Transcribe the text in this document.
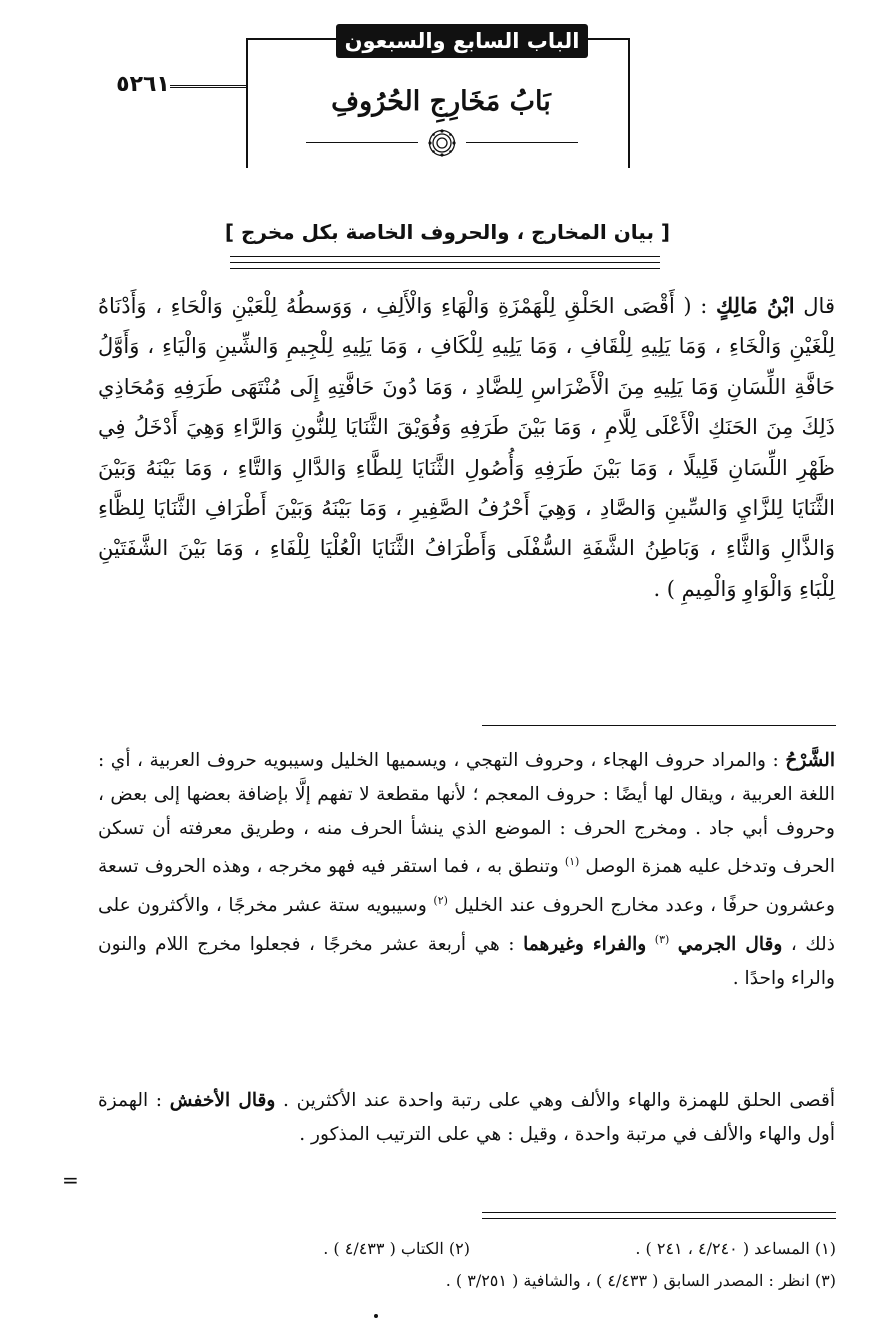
الباب السابع والسبعون
٥٢٦١
بَابُ مَخَارِجِ الحُرُوفِ
[ بيان المخارج ، والحروف الخاصة بكل مخرج ]
قال ابْنُ مَالِكٍ : ( أَقْصَى الحَلْقِ لِلْهَمْزَةِ وَالْهَاءِ وَالْأَلِفِ ، وَوَسطُهُ لِلْعَيْنِ وَالْحَاءِ ، وَأَدْنَاهُ لِلْغَيْنِ وَالْخَاءِ ، وَمَا يَلِيهِ لِلْقَافِ ، وَمَا يَلِيهِ لِلْكَافِ ، وَمَا يَلِيهِ لِلْجِيمِ وَالشِّينِ وَالْيَاءِ ، وَأَوَّلُ حَافَّةِ اللِّسَانِ وَمَا يَلِيهِ مِنَ الْأَضْرَاسِ لِلضَّادِ ، وَمَا دُونَ حَافَّتِهِ إِلَى مُنْتَهَى طَرَفِهِ وَمُحَاذِي ذَلِكَ مِنَ الحَنَكِ الْأَعْلَى لِلَّامِ ، وَمَا بَيْنَ طَرَفِهِ وَفُوَيْقَ الثَّنَايَا لِلنُّونِ وَالرَّاءِ وَهِيَ أَدْخَلُ فِي ظَهْرِ اللِّسَانِ قَلِيلًا ، وَمَا بَيْنَ طَرَفِهِ وَأُصُولِ الثَّنَايَا لِلطَّاءِ وَالدَّالِ وَالتَّاءِ ، وَمَا بَيْنَهُ وَبَيْنَ الثَّنَايَا لِلزَّايِ وَالسِّينِ وَالصَّادِ ، وَهِيَ أَحْرُفُ الصَّفِيرِ ، وَمَا بَيْنَهُ وَبَيْنَ أَطْرَافِ الثَّنَايَا لِلظَّاءِ وَالذَّالِ وَالثَّاءِ ، وَبَاطِنُ الشَّفَةِ السُّفْلَى وَأَطْرَافُ الثَّنَايَا الْعُلْيَا لِلْفَاءِ ، وَمَا بَيْنَ الشَّفَتَيْنِ لِلْبَاءِ وَالْوَاوِ وَالْمِيمِ ) .
الشَّرْحُ : والمراد حروف الهجاء ، وحروف التهجي ، ويسميها الخليل وسيبويه حروف العربية ، أي : اللغة العربية ، ويقال لها أيضًا : حروف المعجم ؛ لأنها مقطعة لا تفهم إلَّا بإضافة بعضها إلى بعض ، وحروف أبي جاد . ومخرج الحرف : الموضع الذي ينشأ الحرف منه ، وطريق معرفته أن تسكن الحرف وتدخل عليه همزة الوصل $^{(١)}$ وتنطق به ، فما استقر فيه فهو مخرجه ، وهذه الحروف تسعة وعشرون حرفًا ، وعدد مخارج الحروف عند الخليل $^{(٢)}$ وسيبويه ستة عشر مخرجًا ، والأكثرون على ذلك ، وقال الجرمي $^{(٣)}$ والفراء وغيرهما : هي أربعة عشر مخرجًا ، فجعلوا مخرج اللام والنون والراء واحدًا .
أقصى الحلق للهمزة والهاء والألف وهي على رتبة واحدة عند الأكثرين . وقال الأخفش : الهمزة أول والهاء والألف في مرتبة واحدة ، وقيل : هي على الترتيب المذكور .
=
(١) المساعد ( ٤/٢٤٠ ، ٢٤١ ) .
(٢) الكتاب ( ٤/٤٣٣ ) .
(٣) انظر : المصدر السابق ( ٤/٤٣٣ ) ، والشافية ( ٣/٢٥١ ) .
